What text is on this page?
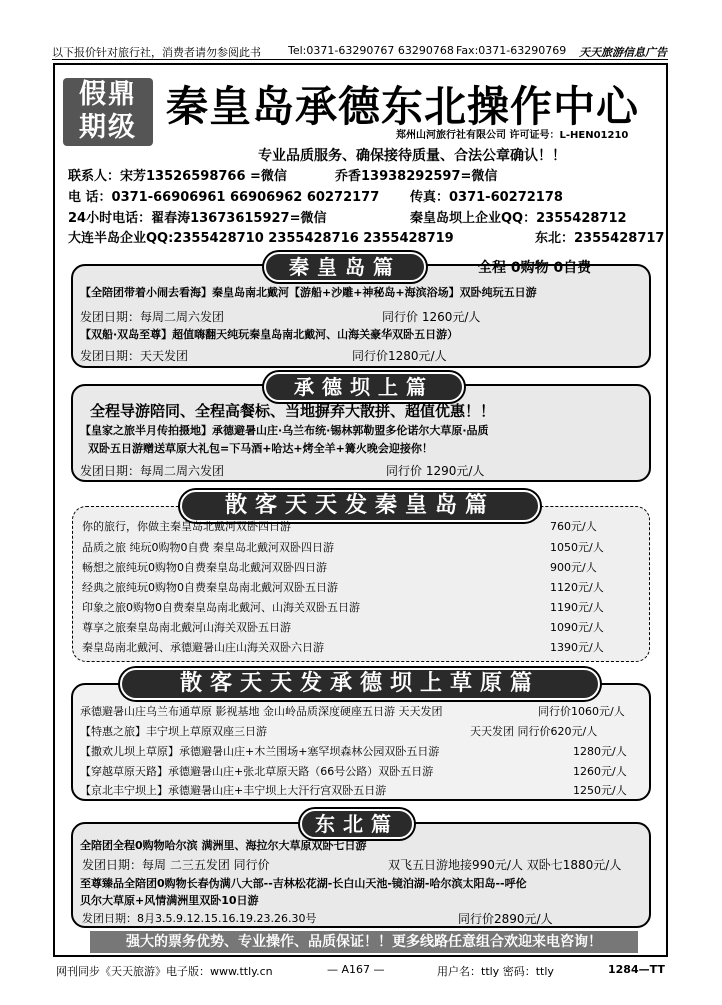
以下报价针对旅行社，消费者请勿参阅此书 Tel:0371-63290767 63290768 Fax:0371-63290769 天天旅游信息广告
假鼎
期级 秦皇岛承德东北操作中心
郑州山河旅行社有限公司 许可证号：L-HEN01210
专业品质服务、确保接待质量、合法公章确认！！
联系人：宋芳13526598766 =微信	乔香13938292597=微信
电 话：0371-66906961 66906962 60272177 传真：0371-60272178
24小时电话：翟春涛13673615927=微信	秦皇岛坝上企业QQ：2355428712
大连半岛企业QQ:2355428710 2355428716 2355428719	东北：2355428717
秦皇岛篇	全程 0购物 0自费
【全陪团带着小闹去看海】秦皇岛南北戴河【游船+沙雕+神秘岛+海滨浴场】双卧纯玩五日游
发团日期：每周二周六发团	同行价 1260元/人
【双船·双岛至尊】超值嗨翻天纯玩秦皇岛南北戴河、山海关豪华双卧五日游）
发团日期：天天发团	同行价1280元/人
承德坝上篇
全程导游陪同、全程高餐标、当地摒弃大散拼、超值优惠！！
【皇家之旅半月传拍摄地】承德避暑山庄·乌兰布统·锡林郭勒盟多伦诺尔大草原·品质
双卧五日游赠送草原大礼包=下马酒+哈达+烤全羊+篝火晚会迎接你！
发团日期：每周二周六发团	同行价 1290元/人
散客天天发秦皇岛篇
你的旅行，你做主秦皇岛北戴河双卧四日游	760元/人
品质之旅 纯玩0购物0自费 秦皇岛北戴河双卧四日游	1050元/人
畅想之旅纯玩0购物0自费秦皇岛北戴河双卧四日游	900元/人
经典之旅纯玩0购物0自费秦皇岛南北戴河双卧五日游	1120元/人
印象之旅0购物0自费秦皇岛南北戴河、山海关双卧五日游	1190元/人
尊享之旅秦皇岛南北戴河山海关双卧五日游	1090元/人
秦皇岛南北戴河、承德避暑山庄山海关双卧六日游	1390元/人
散客天天发承德坝上草原篇
承德避暑山庄乌兰布通草原 影视基地 金山岭品质深度硬座五日游 天天发团	同行价1060元/人
【特惠之旅】丰宁坝上草原双座三日游	天天发团 同行价620元/人
【撒欢儿坝上草原】承德避暑山庄+木兰围场+塞罕坝森林公园双卧五日游	1280元/人
【穿越草原天路】承德避暑山庄+张北草原天路（66号公路）双卧五日游	1260元/人
【京北丰宁坝上】承德避暑山庄+丰宁坝上大汗行宫双卧五日游	1250元/人
东北篇
全陪团全程0购物哈尔滨 满洲里、海拉尔大草原双卧七日游
发团日期：每周 二三五发团 同行价	双飞五日游地接990元/人 双卧七1880元/人
至尊臻品全陪团0购物长春伪满八大部--吉林松花湖-长白山天池-镜泊湖-哈尔滨太阳岛--呼伦
贝尔大草原+风情满洲里双卧10日游
发团日期：8月3.5.9.12.15.16.19.23.26.30号	同行价2890元/人
强大的票务优势、专业操作、品质保证！！更多线路任意组合欢迎来电咨询！
网刊同步《天天旅游》电子版：www.ttly.cn	— A167 —	用户名：ttly 密码：ttly	1284—TT
